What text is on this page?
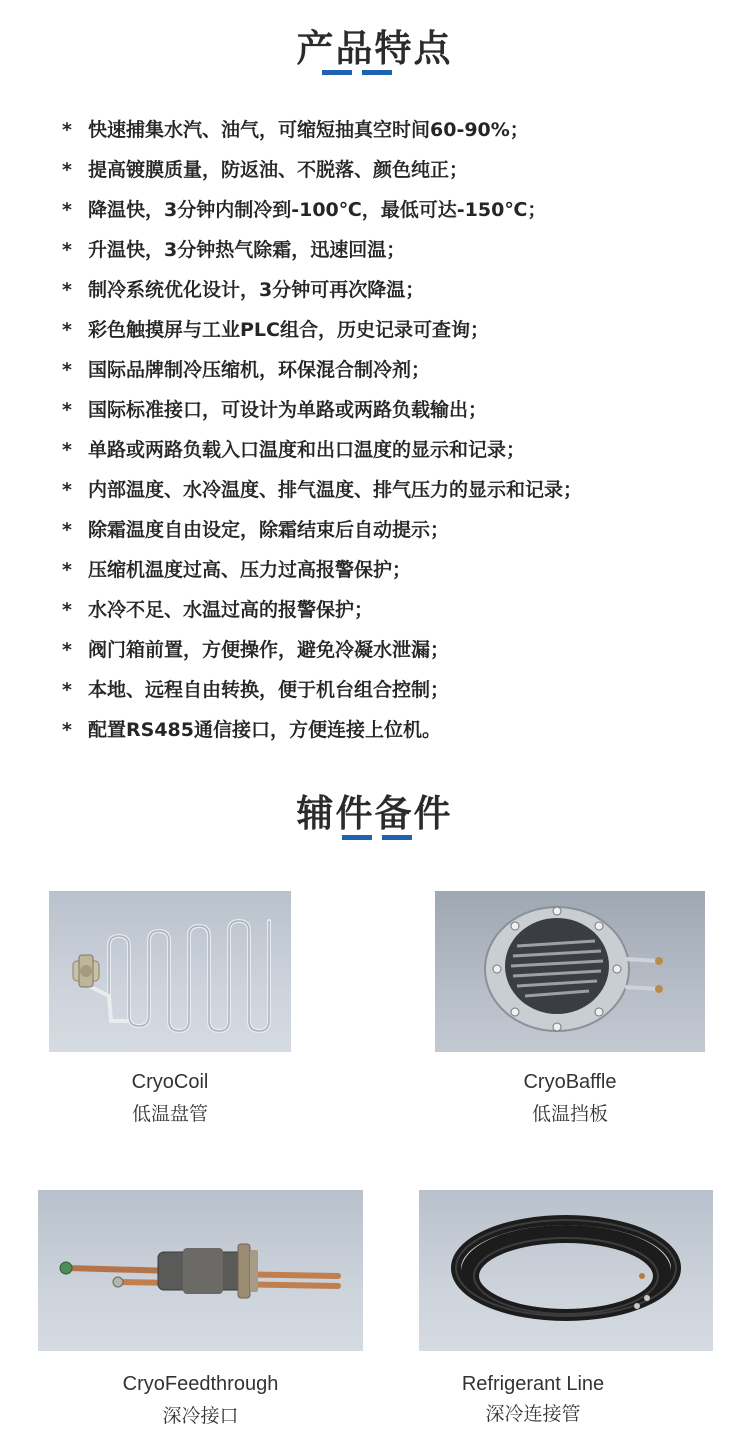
产品特点
* 快速捕集水汽、油气，可缩短抽真空时间60-90%；
* 提高镀膜质量，防返油、不脱落、颜色纯正；
* 降温快，3分钟内制冷到-100℃，最低可达-150℃；
* 升温快，3分钟热气除霜，迅速回温；
* 制冷系统优化设计，3分钟可再次降温；
* 彩色触摸屏与工业PLC组合，历史记录可查询；
* 国际品牌制冷压缩机，环保混合制冷剂；
* 国际标准接口，可设计为单路或两路负载输出；
* 单路或两路负载入口温度和出口温度的显示和记录；
* 内部温度、水冷温度、排气温度、排气压力的显示和记录；
* 除霜温度自由设定，除霜结束后自动提示；
* 压缩机温度过高、压力过高报警保护；
* 水冷不足、水温过高的报警保护；
* 阀门箱前置，方便操作，避免冷凝水泄漏；
* 本地、远程自由转换，便于机台组合控制；
* 配置RS485通信接口，方便连接上位机。
辅件备件
CryoCoil
低温盘管
CryoBaffle
低温挡板
CryoFeedthrough
深冷接口
Refrigerant Line
深冷连接管
